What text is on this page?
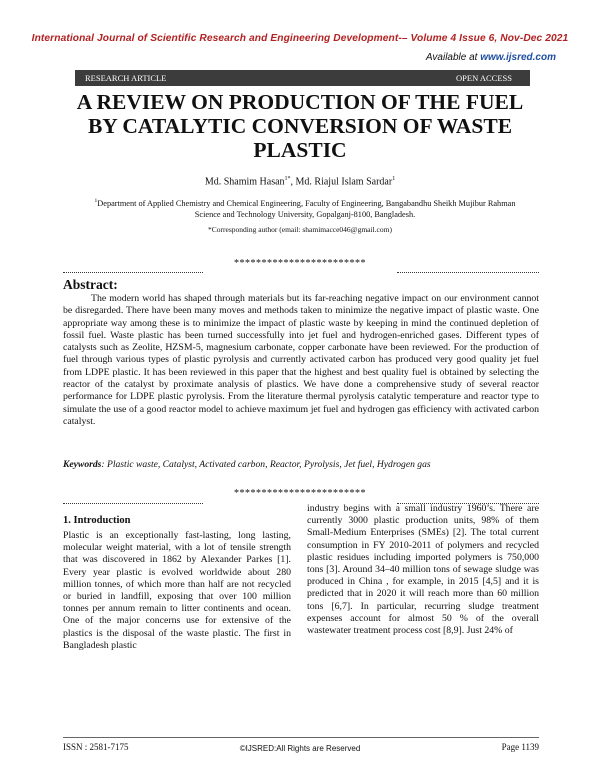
International Journal of Scientific Research and Engineering Development-– Volume 4 Issue 6, Nov-Dec 2021
Available at www.ijsred.com
RESEARCH ARTICLE	OPEN ACCESS
A REVIEW ON PRODUCTION OF THE FUEL
BY CATALYTIC CONVERSION OF WASTE
PLASTIC
Md. Shamim Hasan$^{1*}$, Md. Riajul Islam Sardar$^1$
$^1$Department of Applied Chemistry and Chemical Engineering, Faculty of Engineering, Bangabandhu Sheikh Mujibur Rahman
Science and Technology University, Gopalganj-8100, Bangladesh.
*Corresponding author (email: shamimacce046@gmail.com)
************************
Abstract:

The modern world has shaped through materials but its far-reaching negative impact on our environment cannot be disregarded. There have been many moves and methods taken to minimize the negative impact of plastic waste. One appropriate way among these is to minimize the impact of plastic waste by keeping in mind the continued depletion of fossil fuel. Waste plastic has been turned successfully into jet fuel and hydrogen-enriched gases. Different types of catalysts such as Zeolite, HZSM-5, magnesium carbonate, copper carbonate have been reviewed. For the production of fuel through various types of plastic pyrolysis and currently activated carbon has produced very good quality jet fuel from LDPE plastic. It has been reviewed in this paper that the highest and best quality fuel is obtained by selecting the reactor of the catalyst by proximate analysis of plastics. We have done a comprehensive study of several reactor performance for LDPE plastic pyrolysis. From the literature thermal pyrolysis catalytic temperature and reactor type to simulate the use of a good reactor model to achieve maximum jet fuel and hydrogen gas efficiency with activated carbon catalyst.

Keywords: Plastic waste, Catalyst, Activated carbon, Reactor, Pyrolysis, Jet fuel, Hydrogen gas
************************
1. Introduction

Plastic is an exceptionally fast-lasting, long lasting, molecular weight material, with a lot of tensile strength that was discovered in 1862 by Alexander Parkes [1]. Every year plastic is evolved worldwide about 280 million tonnes, of which more than half are not recycled or buried in landfill, exposing that over 100 million tonnes per annum remain to litter continents and ocean. One of the major concerns use for extensive of the plastics is the disposal of the waste plastic. The first in Bangladesh plastic

industry begins with a small industry 1960’s. There are currently 3000 plastic production units, 98% of them Small-Medium Enterprises (SMEs) [2]. The total current consumption in FY 2010-2011 of polymers and recycled plastic residues including imported polymers is 750,000 tons [3]. Around 34–40 million tons of sewage sludge was produced in China , for example, in 2015 [4,5] and it is predicted that in 2020 it will reach more than 60 million tons [6,7]. In particular, recurring sludge treatment expenses account for almost 50 % of the overall wastewater treatment process cost [8,9]. Just 24% of

ISSN : 2581-7175	©IJSRED:All Rights are Reserved	Page 1139
